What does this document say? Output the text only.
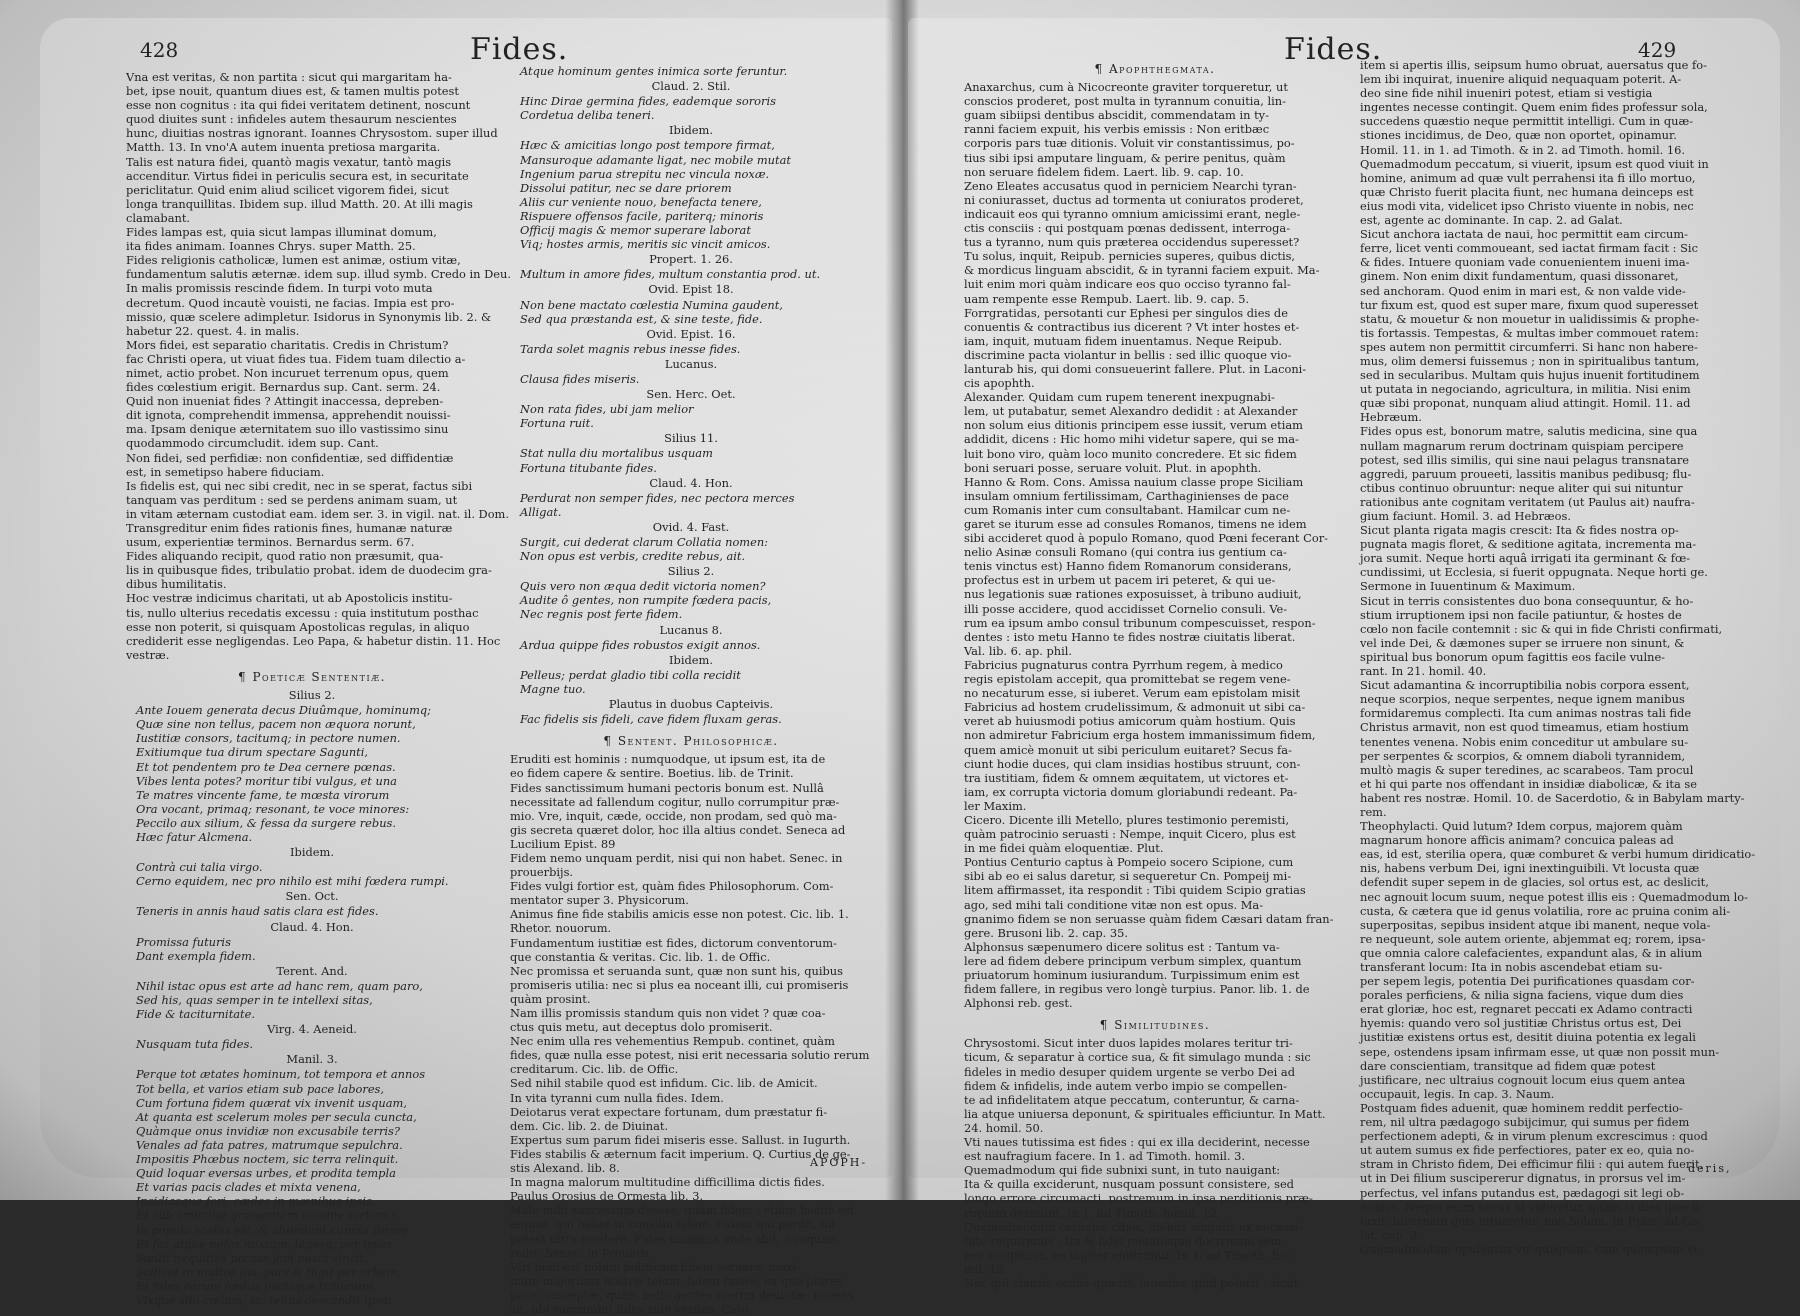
428	Fides.
Vna est veritas, & non partita : sicut qui margaritam ha-
bet, ipse nouit, quantum diues est, & tamen multis potest
esse non cognitus : ita qui fidei veritatem detinent, noscunt
quod diuites sunt : infideles autem thesaurum nescientes
hunc, diuitias nostras ignorant. Ioannes Chrysostom. super illud
Matth. 13. In vno'A autem inuenta pretiosa margarita.
Talis est natura fidei, quantò magis vexatur, tantò magis
accenditur. Virtus fidei in periculis secura est, in securitate
periclitatur. Quid enim aliud scilicet vigorem fidei, sicut
longa tranquillitas. Ibidem sup. illud Matth. 20. At illi magis
clamabant.
Fides lampas est, quia sicut lampas illuminat domum,
ita fides animam. Ioannes Chrys. super Matth. 25.
Fides religionis catholicæ, lumen est animæ, ostium vitæ,
fundamentum salutis æternæ. idem sup. illud symb. Credo in Deu.
In malis promissis rescinde fidem. In turpi voto muta
decretum. Quod incautè vouisti, ne facias. Impia est pro-
missio, quæ scelere adimpletur. Isidorus in Synonymis lib. 2. &
habetur 22. quest. 4. in malis.
Mors fidei, est separatio charitatis. Credis in Christum?
fac Christi opera, ut viuat fides tua. Fidem tuam dilectio a-
nimet, actio probet. Non incuruet terrenum opus, quem
fides cœlestium erigit. Bernardus sup. Cant. serm. 24.
Quid non inueniat fides ? Attingit inaccessa, depreben-
dit ignota, comprehendit immensa, apprehendit nouissi-
ma. Ipsam denique æternitatem suo illo vastissimo sinu
quodammodo circumcludit. idem sup. Cant.
Non fidei, sed perfidiæ: non confidentiæ, sed diffidentiæ
est, in semetipso habere fiduciam.
Is fidelis est, qui nec sibi credit, nec in se sperat, factus sibi
tanquam vas perditum : sed se perdens animam suam, ut
in vitam æternam custodiat eam. idem ser. 3. in vigil. nat. il. Dom.
Transgreditur enim fides rationis fines, humanæ naturæ
usum, experientiæ terminos. Bernardus serm. 67.
Fides aliquando recipit, quod ratio non præsumit, qua-
lis in quibusque fides, tribulatio probat. idem de duodecim gra-
dibus humilitatis.
Hoc vestræ indicimus charitati, ut ab Apostolicis institu-
tis, nullo ulterius recedatis excessu : quia institutum posthac
esse non poterit, si quisquam Apostolicas regulas, in aliquo
crediderit esse negligendas. Leo Papa, & habetur distin. 11. Hoc
vestræ.

¶ Poeticæ Sententiæ.

Silius 2.
Ante Iouem generata decus Diuûmque, hominumq;
Quæ sine non tellus, pacem non æquora norunt,
Iustitiæ consors, tacitumq; in pectore numen.
Exitiumque tua dirum spectare Sagunti,
Et tot pendentem pro te Dea cernere pœnas.
Vibes lenta potes? moritur tibi vulgus, et una
Te matres vincente fame, te mœsta virorum
Ora vocant, primaq; resonant, te voce minores:
Peccilo aux silium, & fessa da surgere rebus.
Hæc fatur Alcmena.
Ibidem.
Contrà cui talia virgo.
Cerno equidem, nec pro nihilo est mihi fœdera rumpi.
Sen. Oct.
Teneris in annis haud satis clara est fides.
Claud. 4. Hon.
Promissa futuris
Dant exempla fidem.
Terent. And.
Nihil istac opus est arte ad hanc rem, quam paro,
Sed his, quas semper in te intellexi sitas,
Fide & taciturnitate.
Virg. 4. Aeneid.
Nusquam tuta fides.
Manil. 3.
Perque tot ætates hominum, tot tempora et annos
Tot bella, et varios etiam sub pace labores,
Cum fortuna fidem quærat vix invenit usquam,
At quanta est scelerum moles per secula cuncta,
Quàmque onus invidiæ non excusabile terris?
Venales ad fata patres, matrumque sepulchra.
Impositis Phœbus noctem, sic terra relinquit.
Quid loquar eversas urbes, et prodita templa
Et varias pacis clades et mixta venena,
Insidiasque fori, cædes in mœnibus ipsis,
Et sub amicitiæ grassantem nomine turbam?
In populo scelus est, & abundant cuncta furore
Et fas atque nefas mixtum, legesq; per ipsas
Sæuit nequities pœnas jam noxia vincit,
Scilicet in multos fas, pars & fugit per orbem,
Et fides earum fœdus pacisque tribunum.
Vixque sibi cœlum, sic tellus descendit ipsa.
Atque hominum gentes inimica sorte feruntur.
Claud. 2. Stil.
Hinc Dirae germina fides, eademque sororis
Cordetua deliba teneri.
Ibidem.
Hæc & amicitias longo post tempore firmat,
Mansuroque adamante ligat, nec mobile mutat
Ingenium parua strepitu nec vincula noxæ.
Dissolui patitur, nec se dare priorem
Aliis cur veniente nouo, benefacta tenere,
Rispuere offensos facile, pariterq; minoris
Officij magis & memor superare laborat
Viq; hostes armis, meritis sic vincit amicos.
Propert. 1. 26.
Multum in amore fides, multum constantia prod. ut.
Ovid. Epist 18.
Non bene mactato cœlestia Numina gaudent,
Sed qua præstanda est, & sine teste, fide.
Ovid. Epist. 16.
Tarda solet magnis rebus inesse fides.
Lucanus.
Clausa fides miseris.
Sen. Herc. Oet.
Non rata fides, ubi jam melior
Fortuna ruit.
Silius 11.
Stat nulla diu mortalibus usquam
Fortuna titubante fides.
Claud. 4. Hon.
Perdurat non semper fides, nec pectora merces
Alligat.
Ovid. 4. Fast.
Surgit, cui dederat clarum Collatia nomen:
Non opus est verbis, credite rebus, ait.
Silius 2.
Quis vero non æqua dedit victoria nomen?
Audite ô gentes, non rumpite fœdera pacis,
Nec regnis post ferte fidem.
Lucanus 8.
Ardua quippe fides robustos exigit annos.
Ibidem.
Pelleus; perdat gladio tibi colla recidit
Magne tuo.
Plautus in duobus Capteivis.
Fac fidelis sis fideli, cave fidem fluxam geras.
¶ Sentent. Philosophicæ.
Eruditi est hominis : numquodque, ut ipsum est, ita de
eo fidem capere & sentire. Boetius. lib. de Trinit.
Fides sanctissimum humani pectoris bonum est. Nullâ
necessitate ad fallendum cogitur, nullo corrumpitur præ-
mio. Vre, inquit, cæde, occide, non prodam, sed quò ma-
gis secreta quæret dolor, hoc illa altius condet. Seneca ad
Lucilium Epist. 89
Fidem nemo unquam perdit, nisi qui non habet. Senec. in
prouerbijs.
Fides vulgi fortior est, quàm fides Philosophorum. Com-
mentator super 3. Physicorum.
Animus fine fide stabilis amicis esse non potest. Cic. lib. 1.
Rhetor. nouorum.
Fundamentum iustitiæ est fides, dictorum conventorum-
que constantia & veritas. Cic. lib. 1. de Offic.
Nec promissa et seruanda sunt, quæ non sunt his, quibus
promiseris utilia: nec si plus ea noceant illi, cui promiseris
quàm prosint.
Nam illis promissis standum quis non videt ? quæ coa-
ctus quis metu, aut deceptus dolo promiserit.
Nec enim ulla res vehementius Rempub. continet, quàm
fides, quæ nulla esse potest, nisi erit necessaria solutio rerum
creditarum. Cic. lib. de Offic.
Sed nihil stabile quod est infidum. Cic. lib. de Amicit.
In vita tyranni cum nulla fides. Idem.
Deiotarus verat expectare fortunam, dum præstatur fi-
dem. Cic. lib. 2. de Diuinat.
Expertus sum parum fidei miseris esse. Sallust. in Iugurth.
Fides stabilis & æternum facit imperium. Q. Curtius de ge-
stis Alexand. lib. 8.
In magna malorum multitudine difficillima dictis fides.
Paulus Orosius de Ormesta lib. 3.
Malo mihi successum deesse, quàm fidem : etiam hostis est
æquus, qui habet in consilio fidem. Fidem qui perdit, nil
potest ultra perdere. Fides unanima unde abit, nunquam
redit. Senec. in Prouerb.
Viri boni est nolum politicam fidem seruare: maxi-
mum majoribus nostris telum, fidem fuisse, ex quo plures
pace, susceptæ, quàm bello gentes fuerint deuictæ: nocens
sit, ubi succumbit fides siue veritas, Cato.
APOPH-
Fides.	429

¶ Apophthegmata.

Anaxarchus, cum à Nicocreonte graviter torqueretur, ut
conscios proderet, post multa in tyrannum conuitia, lin-
guam sibiipsi dentibus abscidit, commendatam in ty-
ranni faciem expuit, his verbis emissis : Non eritbæc
corporis pars tuæ ditionis. Voluit vir constantissimus, po-
tius sibi ipsi amputare linguam, & perire penitus, quàm
non seruare fidelem fidem. Laert. lib. 9. cap. 10.
Zeno Eleates accusatus quod in perniciem Nearchi tyran-
ni coniurasset, ductus ad tormenta ut coniuratos proderet,
indicauit eos qui tyranno omnium amicissimi erant, negle-
ctis consciis : qui postquam pœnas dedissent, interroga-
tus a tyranno, num quis præterea occidendus superesset?
Tu solus, inquit, Reipub. pernicies superes, quibus dictis,
& mordicus linguam abscidit, & in tyranni faciem expuit. Ma-
luit enim mori quàm indicare eos quo occiso tyranno fal-
uam rempente esse Rempub. Laert. lib. 9. cap. 5.
Forrgratidas, persotanti cur Ephesi per singulos dies de
conuentis & contractibus ius dicerent ? Vt inter hostes et-
iam, inquit, mutuam fidem inuentamus. Neque Reipub.
discrimine pacta violantur in bellis : sed illic quoque vio-
lanturab his, qui domi consueuerint fallere. Plut. in Laconi-
cis apophth.
Alexander. Quidam cum rupem tenerent inexpugnabi-
lem, ut putabatur, semet Alexandro dedidit : at Alexander
non solum eius ditionis principem esse iussit, verum etiam
addidit, dicens : Hic homo mihi videtur sapere, qui se ma-
luit bono viro, quàm loco munito concredere. Et sic fidem
boni seruari posse, seruare voluit. Plut. in apophth.
Hanno & Rom. Cons. Amissa nauium classe prope Siciliam
insulam omnium fertilissimam, Carthaginienses de pace
cum Romanis inter cum consultabant. Hamilcar cum ne-
garet se iturum esse ad consules Romanos, timens ne idem
sibi accideret quod à populo Romano, quod Pœni fecerant Cor-
nelio Asinæ consuli Romano (qui contra ius gentium ca-
tenis vinctus est) Hanno fidem Romanorum considerans,
profectus est in urbem ut pacem iri peteret, & qui ue-
nus legationis suæ rationes exposuisset, à tribuno audiuit,
illi posse accidere, quod accidisset Cornelio consuli. Ve-
rum ea ipsum ambo consul tribunum compescuisset, respon-
dentes : isto metu Hanno te fides nostræ ciuitatis liberat.
Val. lib. 6. ap. phil.
Fabricius pugnaturus contra Pyrrhum regem, à medico
regis epistolam accepit, qua promittebat se regem vene-
no necaturum esse, si iuberet. Verum eam epistolam misit
Fabricius ad hostem crudelissimum, & admonuit ut sibi ca-
veret ab huiusmodi potius amicorum quàm hostium. Quis
non admiretur Fabricium erga hostem immanissimum fidem,
quem amicè monuit ut sibi periculum euitaret? Secus fa-
ciunt hodie duces, qui clam insidias hostibus struunt, con-
tra iustitiam, fidem & omnem æquitatem, ut victores et-
iam, ex corrupta victoria domum gloriabundi redeant. Pa-
ler Maxim.
Cicero. Dicente illi Metello, plures testimonio peremisti,
quàm patrocinio seruasti : Nempe, inquit Cicero, plus est
in me fidei quàm eloquentiæ. Plut.
Pontius Centurio captus à Pompeio socero Scipione, cum
sibi ab eo ei salus daretur, si sequeretur Cn. Pompeij mi-
litem affirmasset, ita respondit : Tibi quidem Scipio gratias
ago, sed mihi tali conditione vitæ non est opus. Ma-
gnanimo fidem se non seruasse quàm fidem Cæsari datam fran-
gere. Brusoni lib. 2. cap. 35.
Alphonsus sæpenumero dicere solitus est : Tantum va-
lere ad fidem debere principum verbum simplex, quantum
priuatorum hominum iusiurandum. Turpissimum enim est
fidem fallere, in regibus vero longè turpius. Panor. lib. 1. de
Alphonsi reb. gest.

¶ Similitudines.

Chrysostomi. Sicut inter duos lapides molares teritur tri-
ticum, & separatur à cortice sua, & fit simulago munda : sic
fideles in medio desuper quidem urgente se verbo Dei ad
fidem & infidelis, inde autem verbo impio se compellen-
te ad infidelitatem atque peccatum, conteruntur, & carna-
lia atque uniuersa deponunt, & spirituales efficiuntur. In Matt.
24. homil. 50.
Vti naues tutissima est fides : qui ex illa deciderint, necesse
est naufragium facere. In 1. ad Timoth. homil. 3.
Quemadmodum qui fide subnixi sunt, in tuto nauigant:
Ita & quilla exciderunt, nusquam possunt consistere, sed
longo errore circumacti, postremum in ipsa perditionis præ-
ruptam desinunt. In 1. ad Timoth. homil. 12.
Quemadmodum carnales cibos, diebus singulis ex necessi-
tate requirimus : Ita & fidei pietatisque doctrinam sem-
per accipimus, ea ingiter enutrimur. In 1. ad Timoth. ho-
mil. 13.
Nec qui clausis oculis quærit, inuenire quid poterit : sicut
item si apertis illis, seipsum humo obruat, auersatus que fo-
lem ibi inquirat, inuenire aliquid nequaquam poterit. A-
deo sine fide nihil inueniri potest, etiam si vestigia
ingentes necesse contingit. Quem enim fides professur sola,
succedens quæstio neque permittit intelligi. Cum in quæ-
stiones incidimus, de Deo, quæ non oportet, opinamur.
Homil. 11. in 1. ad Timoth. & in 2. ad Timoth. homil. 16.
Quemadmodum peccatum, si viuerit, ipsum est quod viuit in
homine, animum ad quæ vult perrahensi ita fi illo mortuo,
quæ Christo fuerit placita fiunt, nec humana deinceps est
eius modi vita, videlicet ipso Christo viuente in nobis, nec
est, agente ac dominante. In cap. 2. ad Galat.
Sicut anchora iactata de naui, hoc permittit eam circum-
ferre, licet venti commoueant, sed iactat firmam facit : Sic
& fides. Intuere quoniam vade conuenientem inueni ima-
ginem. Non enim dixit fundamentum, quasi dissonaret,
sed anchoram. Quod enim in mari est, & non valde vide-
tur fixum est, quod est super mare, fixum quod superesset
statu, & mouetur & non mouetur in ualidissimis & prophe-
tis fortassis. Tempestas, & multas imber commouet ratem:
spes autem non permittit circumferri. Si hanc non habere-
mus, olim demersi fuissemus ; non in spiritualibus tantum,
sed in secularibus. Multam quis hujus inuenit fortitudinem
ut putata in negociando, agricultura, in militia. Nisi enim
quæ sibi proponat, nunquam aliud attingit. Homil. 11. ad
Hebræum.
Fides opus est, bonorum matre, salutis medicina, sine qua
nullam magnarum rerum doctrinam quispiam percipere
potest, sed illis similis, qui sine naui pelagus transnatare
aggredi, paruum proueeti, lassitis manibus pedibusq; flu-
ctibus continuo obruuntur: neque aliter qui sui nituntur
rationibus ante cognitam veritatem (ut Paulus ait) naufra-
gium faciunt. Homil. 3. ad Hebræos.
Sicut planta rigata magis crescit: Ita & fides nostra op-
pugnata magis floret, & seditione agitata, incrementa ma-
jora sumit. Neque horti aquâ irrigati ita germinant & fœ-
cundissimi, ut Ecclesia, si fuerit oppugnata. Neque horti ge.
Sermone in Iuuentinum & Maximum.
Sicut in terris consistentes duo bona consequuntur, & ho-
stium irruptionem ipsi non facile patiuntur, & hostes de
cœlo non facile contemnit : sic & qui in fide Christi confirmati,
vel inde Dei, & dæmones super se irruere non sinunt, &
spiritual bus bonorum opum fagittis eos facile vulne-
rant. In 21. homil. 40.
Sicut adamantina & incorruptibilia nobis corpora essent,
neque scorpios, neque serpentes, neque ignem manibus
formidaremus complecti. Ita cum animas nostras tali fide
Christus armavit, non est quod timeamus, etiam hostium
tenentes venena. Nobis enim conceditur ut ambulare su-
per serpentes & scorpios, & omnem diaboli tyrannidem,
multò magis & super teredines, ac scarabeos. Tam procul
et hi qui parte nos offendant in insidiæ diabolicæ, & ita se
habent res nostræ. Homil. 10. de Sacerdotio, & in Babylam marty-
rem.
Theophylacti. Quid lutum? Idem corpus, majorem quàm
magnarum honore afficis animam? concuica paleas ad
eas, id est, sterilia opera, quæ comburet & verbi humum diridicatio-
nis, habens verbum Dei, igni inextinguibili. Vt locusta quæ
defendit super sepem in de glacies, sol ortus est, ac deslicit,
nec agnouit locum suum, neque potest illis eis : Quemadmodum lo-
custa, & cætera que id genus volatilia, rore ac pruina conim ali-
superpositas, sepibus insident atque ibi manent, neque vola-
re nequeunt, sole autem oriente, abjemmat eq; rorem, ipsa-
que omnia calore calefacientes, expandunt alas, & in alium
transferant locum: Ita in nobis ascendebat etiam su-
per sepem legis, potentia Dei purificationes quasdam cor-
porales perficiens, & nilia signa faciens, vique dum dies
erat gloriæ, hoc est, regnaret peccati ex Adamo contracti
hyemis: quando vero sol justitiæ Christus ortus est, Dei
justitiæ existens ortus est, desitit diuina potentia ex legali
sepe, ostendens ipsam infirmam esse, ut quæ non possit mun-
dare conscientiam, transitque ad fidem quæ potest
justificare, nec ultraius cognouit locum eius quem antea
occupauit, legis. In cap. 3. Naum.
Postquam fides aduenit, quæ hominem reddit perfectio-
rem, nil ultra pædagogo subijcimur, qui sumus per fidem
perfectionem adepti, & in virum plenum excrescimus : quod
ut autem sumus ex fide perfectiores, pater ex eo, quia no-
stram in Christo fidem, Dei efficimur filii : qui autem fuerit,
ut in Dei filium suscipererur dignatus, in prorsus vel im-
perfectus, vel infans putandus est, pædagogi sit legi ob-
noxius. Neque enim secus id videretur, quàm si dies ipse il-
luxit, lucernam quis intueretur, non Solem. In Epist. ad Ga-
lat. cap. 3.
Quemadmodum opulentus vir quispiam, cum quempiam vi-
deris,
